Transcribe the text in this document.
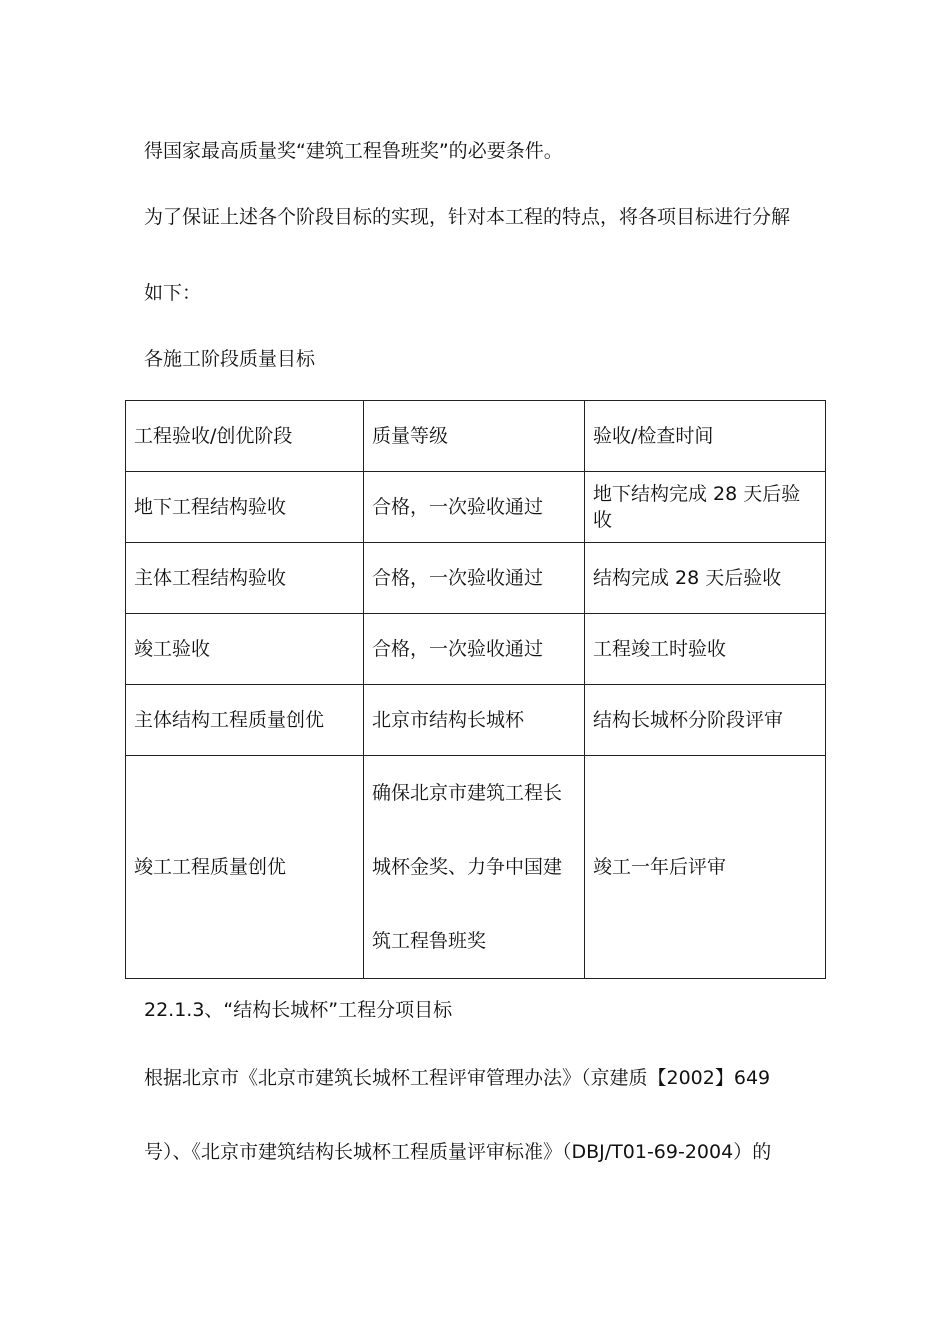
得国家最高质量奖“建筑工程鲁班奖”的必要条件。

为了保证上述各个阶段目标的实现，针对本工程的特点，将各项目标进行分解

如下：

各施工阶段质量目标

工程验收/创优阶段	质量等级	验收/检查时间
地下工程结构验收	合格，一次验收通过	地下结构完成 28 天后验收
主体工程结构验收	合格，一次验收通过	结构完成 28 天后验收
竣工验收	合格，一次验收通过	工程竣工时验收
主体结构工程质量创优	北京市结构长城杯	结构长城杯分阶段评审
竣工工程质量创优	确保北京市建筑工程长
城杯金奖、力争中国建
筑工程鲁班奖	竣工一年后评审

22.1.3、“结构长城杯”工程分项目标

根据北京市《北京市建筑长城杯工程评审管理办法》（京建质【2002】649

号）、《北京市建筑结构长城杯工程质量评审标准》（DBJ/T01-69-2004）的
